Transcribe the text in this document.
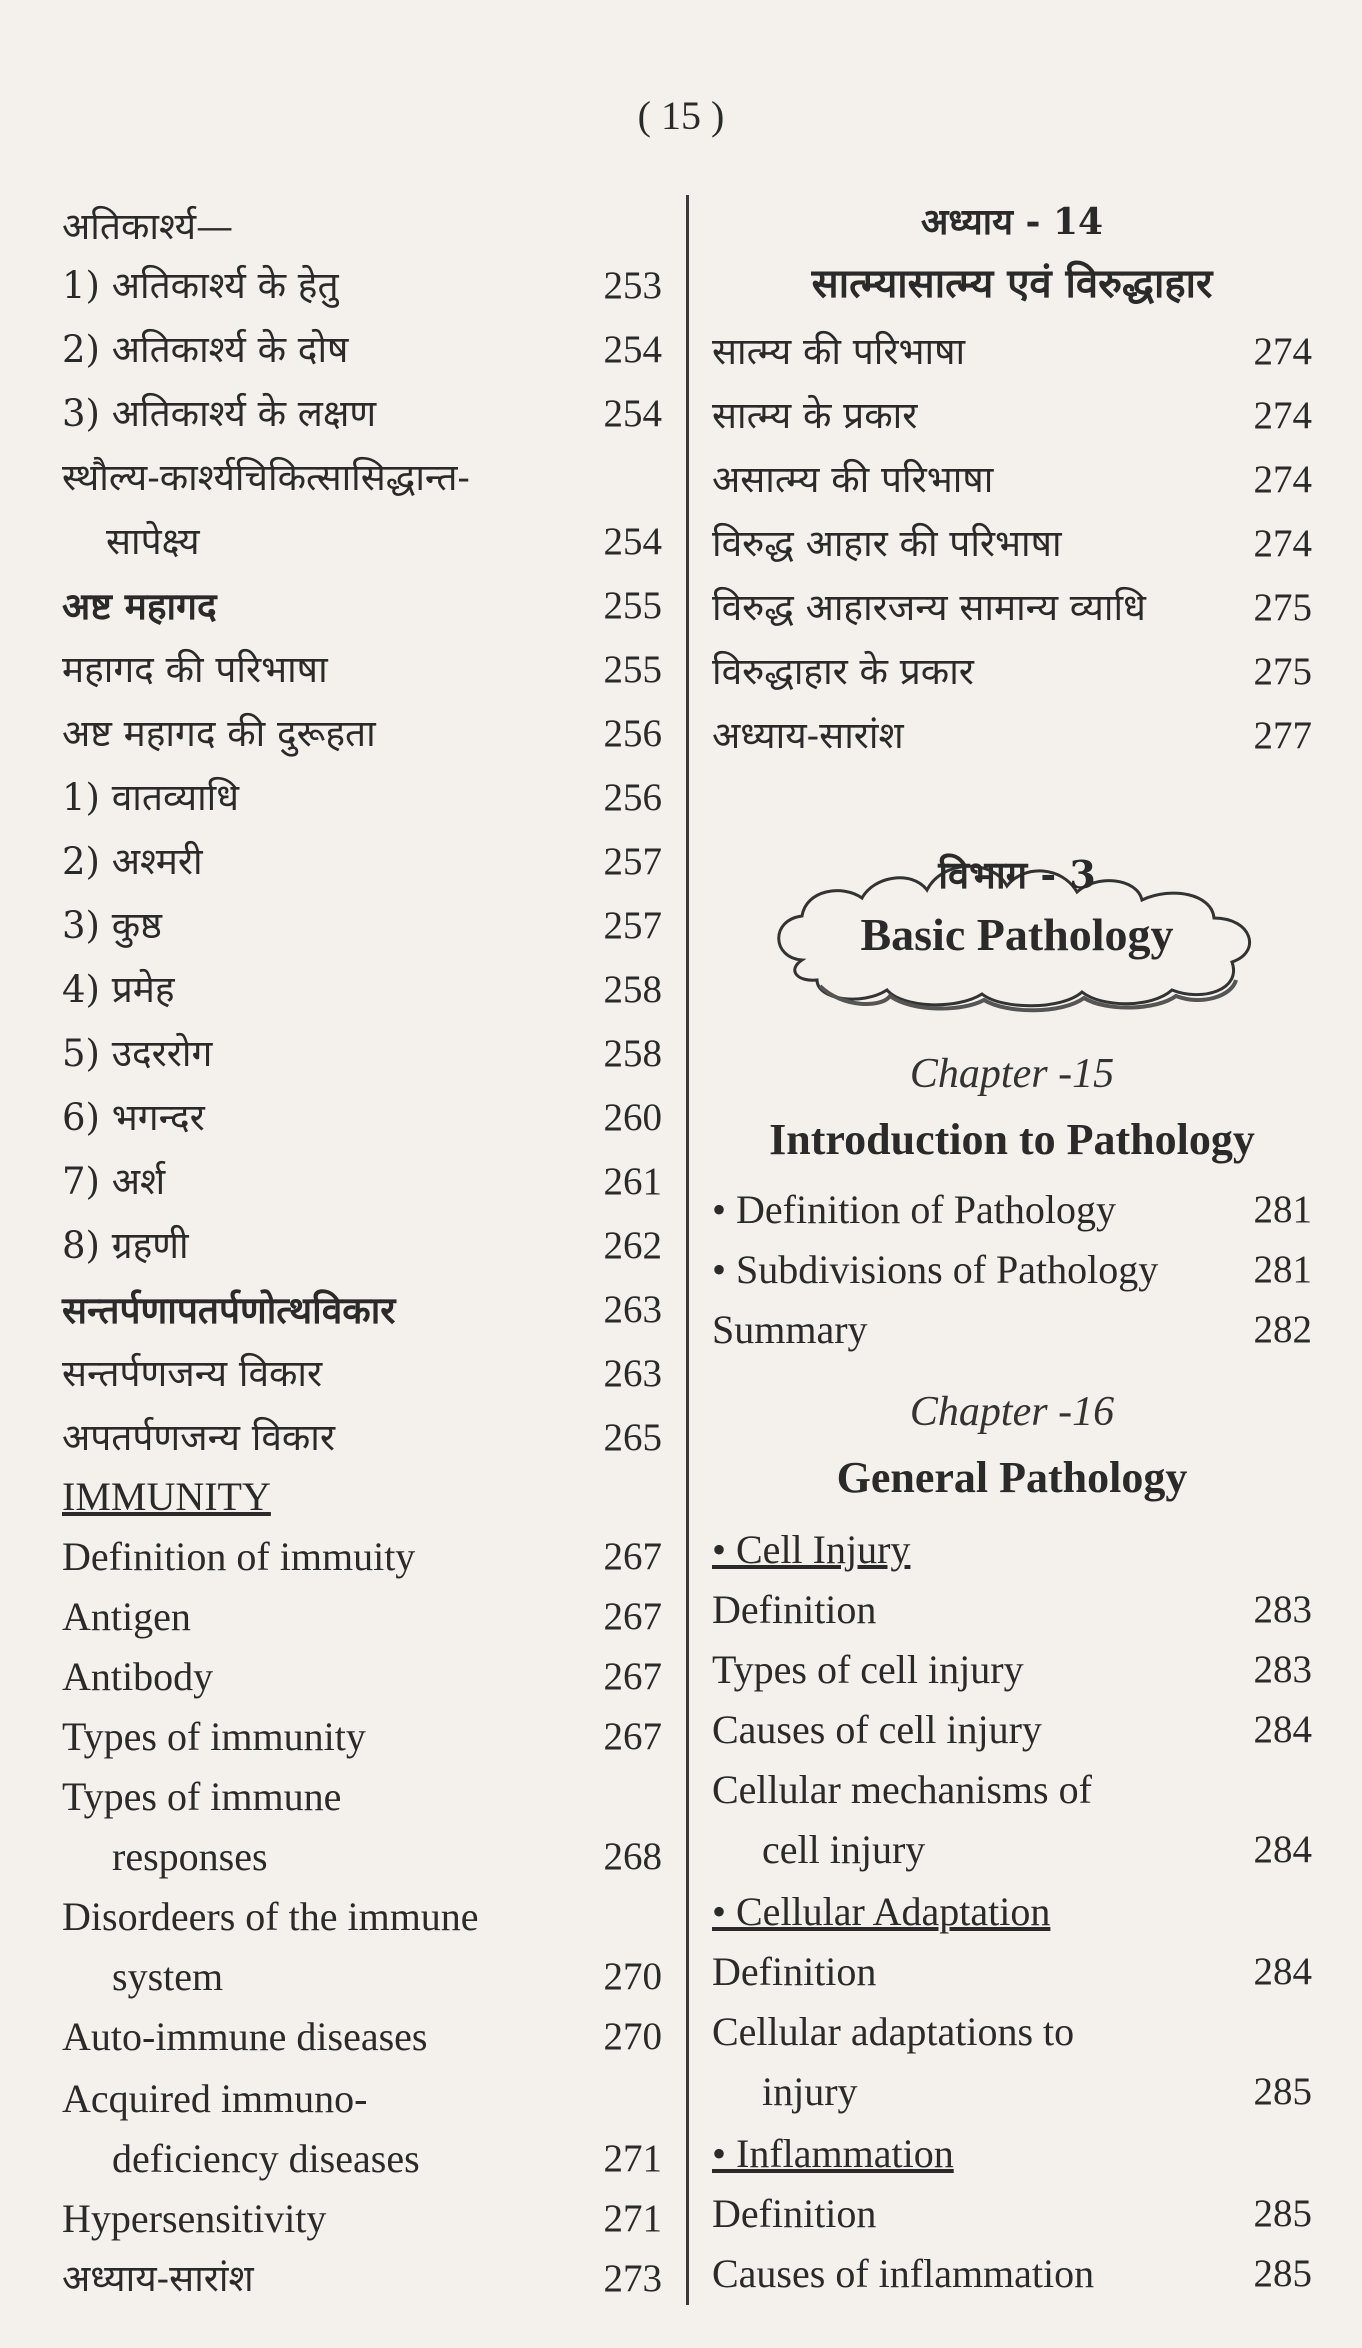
( 15 )
अतिकार्श्य—
1) अतिकार्श्य के हेतु	253
2) अतिकार्श्य के दोष	254
3) अतिकार्श्य के लक्षण	254
स्थौल्य-कार्श्यचिकित्सासिद्धान्त-
सापेक्ष्य	254
अष्ट महागद	255
महागद की परिभाषा	255
अष्ट महागद की दुरूहता	256
1) वातव्याधि	256
2) अश्मरी	257
3) कुष्ठ	257
4) प्रमेह	258
5) उदररोग	258
6) भगन्दर	260
7) अर्श	261
8) ग्रहणी	262
सन्तर्पणापतर्पणोत्थविकार	263
सन्तर्पणजन्य विकार	263
अपतर्पणजन्य विकार	265
IMMUNITY
Definition of immuity	267
Antigen	267
Antibody	267
Types of immunity	267
Types of immune
responses	268
Disordeers of the immune
system	270
Auto-immune diseases	270
Acquired immuno-
deficiency diseases	271
Hypersensitivity	271
अध्याय-सारांश	273
अध्याय - 14
सात्म्यासात्म्य एवं विरुद्धाहार
सात्म्य की परिभाषा	274
सात्म्य के प्रकार	274
असात्म्य की परिभाषा	274
विरुद्ध आहार की परिभाषा	274
विरुद्ध आहारजन्य सामान्य व्याधि	275
विरुद्धाहार के प्रकार	275
अध्याय-सारांश	277
विभाग - 3
Basic Pathology
Chapter -15
Introduction to Pathology
• Definition of Pathology	281
• Subdivisions of Pathology 281
Summary	282
Chapter -16
General Pathology
• Cell Injury
Definition	283
Types of cell injury	283
Causes of cell injury	284
Cellular mechanisms of
cell injury	284
• Cellular Adaptation
Definition	284
Cellular adaptations to
injury	285
• Inflammation
Definition	285
Causes of inflammation	285
